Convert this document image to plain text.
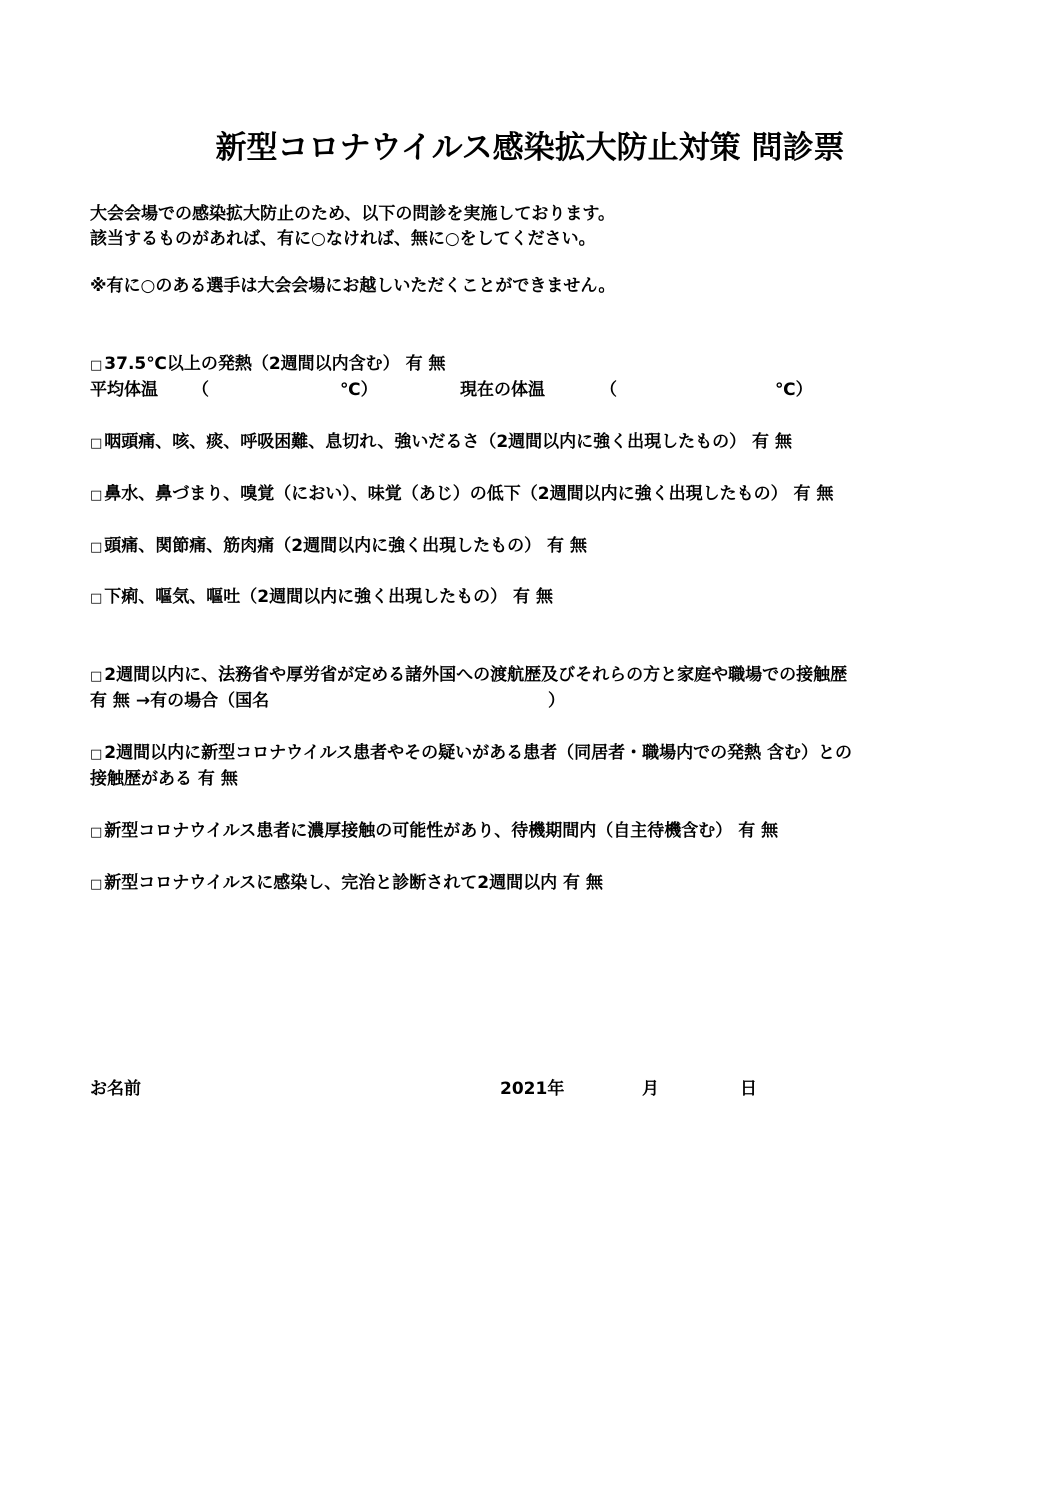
新型コロナウイルス感染拡大防止対策 問診票
大会会場での感染拡大防止のため、以下の問診を実施しております。
該当するものがあれば、有に○なければ、無に○をしてください。
※有に○のある選手は大会会場にお越しいただくことができません。
□ 37.5℃以上の発熱（2週間以内含む） 有 無
平均体温 （	℃）	現在の体温	（	℃）
□ 咽頭痛、咳、痰、呼吸困難、息切れ、強いだるさ（2週間以内に強く出現したもの） 有 無
□ 鼻水、鼻づまり、嗅覚（におい）、味覚（あじ）の低下（2週間以内に強く出現したもの） 有 無
□ 頭痛、関節痛、筋肉痛（2週間以内に強く出現したもの） 有 無
□ 下痢、嘔気、嘔吐（2週間以内に強く出現したもの） 有 無
□ 2週間以内に、法務省や厚労省が定める諸外国への渡航歴及びそれらの方と家庭や職場での接触歴
有 無 →有の場合（国名	）
□ 2週間以内に新型コロナウイルス患者やその疑いがある患者（同居者・職場内での発熱 含む）との
接触歴がある 有 無
□ 新型コロナウイルス患者に濃厚接触の可能性があり、待機期間内（自主待機含む） 有 無
□ 新型コロナウイルスに感染し、完治と診断されて2週間以内 有 無
お名前	2021年	月	日
